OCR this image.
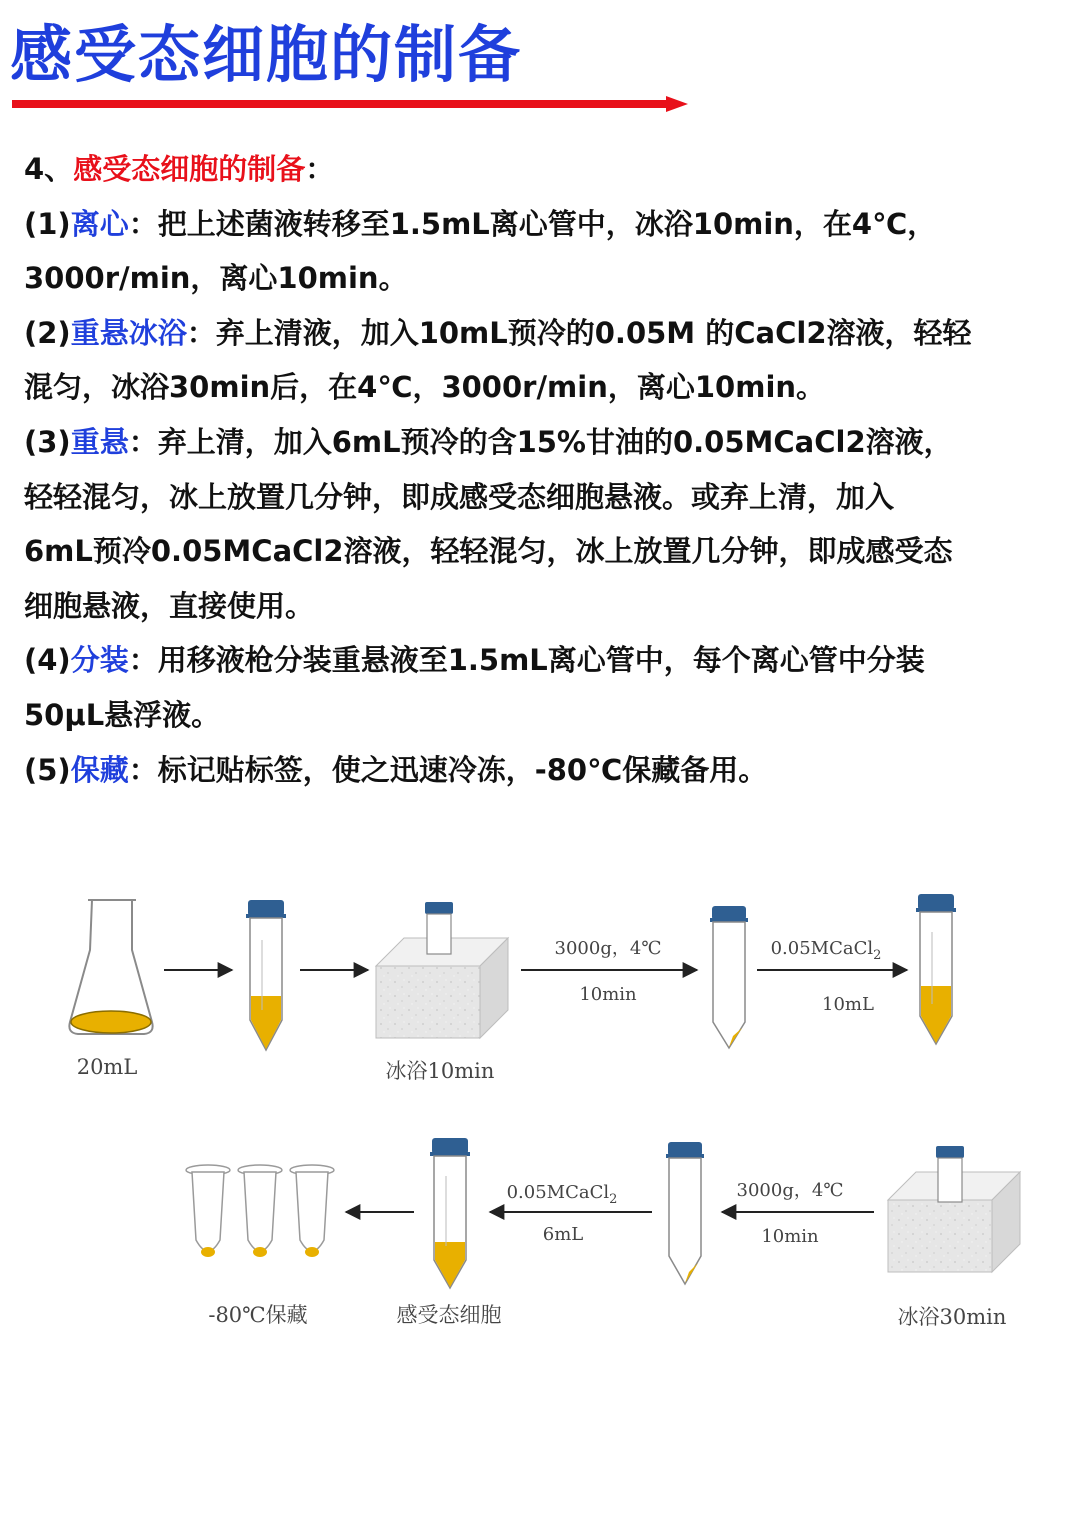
感受态细胞的制备
4、感受态细胞的制备：
(1)离心：把上述菌液转移至1.5mL离心管中，冰浴10min，在4℃，
3000r/min，离心10min。
(2)重悬冰浴：弃上清液，加入10mL预冷的0.05M 的CaCl2溶液，轻轻
混匀，冰浴30min后，在4℃，3000r/min，离心10min。
(3)重悬：弃上清，加入6mL预冷的含15%甘油的0.05MCaCl2溶液，
轻轻混匀，冰上放置几分钟，即成感受态细胞悬液。或弃上清，加入
6mL预冷0.05MCaCl2溶液，轻轻混匀，冰上放置几分钟，即成感受态
细胞悬液，直接使用。
(4)分装：用移液枪分装重悬液至1.5mL离心管中，每个离心管中分装
50μL悬浮液。
(5)保藏：标记贴标签，使之迅速冷冻，-80℃保藏备用。
20mL	冰浴10min
3000g，4℃
10min
0.05MCaCl$_2$
10mL
冰浴30min
3000g，4℃
10min
0.05MCaCl$_2$
6mL
感受态细胞
-80℃保藏
